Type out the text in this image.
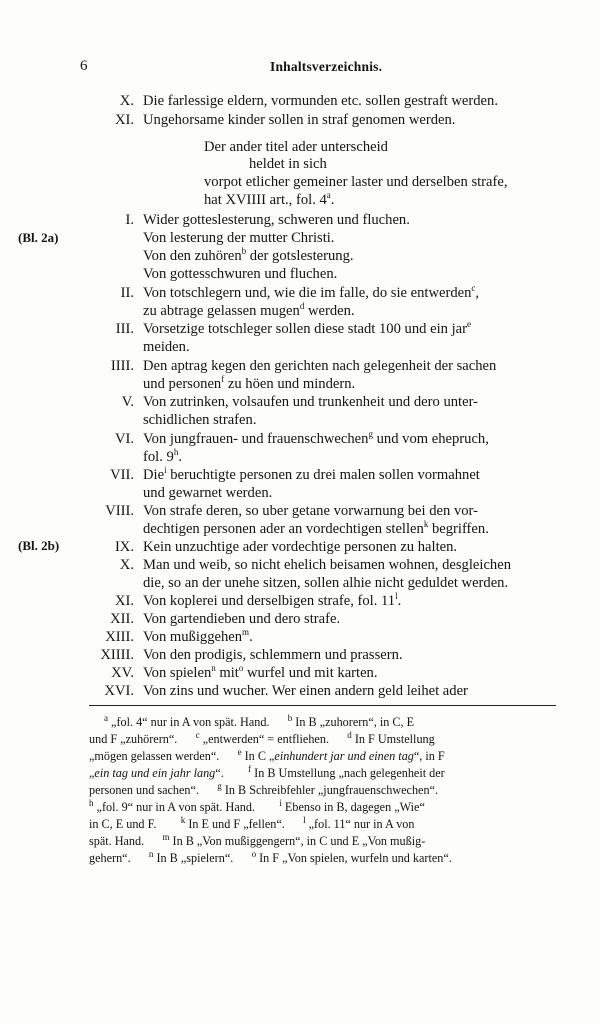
6	Inhaltsverzeichnis.
X. Die farlessige eldern, vormunden etc. sollen gestraft werden.
XI. Ungehorsame kinder sollen in straf genomen werden.
Der ander titel ader unterscheid
heldet in sich
vorpot etlicher gemeiner laster und derselben strafe,
hat XVIIII art., fol. 4$^a$.
(Bl. 2a)
(Bl. 2b)
I. Wider gotteslesterung, schweren und fluchen.
Von lesterung der mutter Christi.
Von den zuhören$^b$ der gotslesterung.
Von gottesschwuren und fluchen.
II. Von totschlegern und, wie die im falle, do sie entwerden$^c$,
zu abtrage gelassen mugen$^d$ werden.
III. Vorsetzige totschleger sollen diese stadt 100 und ein jar$^e$
meiden.
IIII. Den aptrag kegen den gerichten nach gelegenheit der sachen
und personen$^f$ zu höen und mindern.
V. Von zutrinken, volsaufen und trunkenheit und dero unter-
schidlichen strafen.
VI. Von jungfrauen- und frauenschwechen$^g$ und vom ehepruch,
fol. 9$^h$.
VII. Die$^i$ beruchtigte personen zu drei malen sollen vormahnet
und gewarnet werden.
VIII. Von strafe deren, so uber getane vorwarnung bei den vor-
dechtigen personen ader an vordechtigen stellen$^k$ begriffen.
IX. Kein unzuchtige ader vordechtige personen zu halten.
X. Man und weib, so nicht ehelich beisamen wohnen, desgleichen
die, so an der unehe sitzen, sollen alhie nicht geduldet werden.
XI. Von koplerei und derselbigen strafe, fol. 11$^l$.
XII. Von gartendieben und dero strafe.
XIII. Von mußiggehen$^m$.
XIIII. Von den prodigis, schlemmern und prassern.
XV. Von spielen$^n$ mit$^o$ wurfel und mit karten.
XVI. Von zins und wucher. Wer einen andern geld leihet ader
$^a$ „fol. 4“ nur in A von spät. Hand. $^b$ In B „zuhorern“, in C, E
und F „zuhörern“. $^c$ „entwerden“ = entfliehen. $^d$ In F Umstellung
„mögen gelassen werden“. $^e$ In C „einhundert jar und einen tag“, in F
„ein tag und ein jahr lang“.	$^f$ In B Umstellung „nach gelegenheit der
personen und sachen“. $^g$ In B Schreibfehler „jungfrauenschwechen“.
$^h$ „fol. 9“ nur in A von spät. Hand.	$^i$ Ebenso in B, dagegen „Wie“
in C, E und F.	$^k$ In E und F „fellen“. $^l$ „fol. 11“ nur in A von
spät. Hand. $^m$ In B „Von mußiggengern“, in C und E „Von mußig-
gehern“. $^n$ In B „spielern“. $^o$ In F „Von spielen, wurfeln und karten“.
